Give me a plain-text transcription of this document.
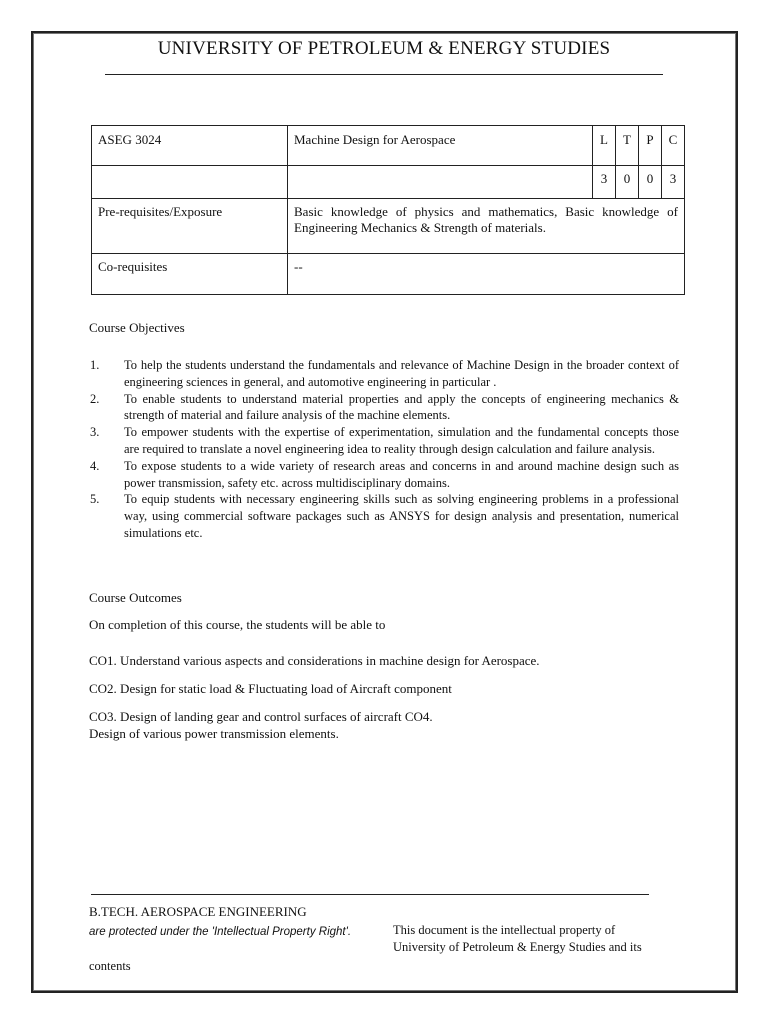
UNIVERSITY OF PETROLEUM & ENERGY STUDIES
ASEG 3024	Machine Design for Aerospace	L	T	P	C
		3	0	0	3
Pre-requisites/Exposure	Basic knowledge of physics and mathematics, Basic knowledge of Engineering Mechanics & Strength of materials.				
Co-requisites	--				
Course Objectives
1. To help the students understand the fundamentals and relevance of Machine Design in the broader context of engineering sciences in general, and automotive engineering in particular .
2. To enable students to understand material properties and apply the concepts of engineering mechanics & strength of material and failure analysis of the machine elements.
3. To empower students with the expertise of experimentation, simulation and the fundamental concepts those are required to translate a novel engineering idea to reality through design calculation and failure analysis.
4. To expose students to a wide variety of research areas and concerns in and around machine design such as power transmission, safety etc. across multidisciplinary domains.
5. To equip students with necessary engineering skills such as solving engineering problems in a professional way, using commercial software packages such as ANSYS for design analysis and presentation, numerical simulations etc.
Course Outcomes
On completion of this course, the students will be able to
CO1. Understand various aspects and considerations in machine design for Aerospace.
CO2. Design for static load & Fluctuating load of Aircraft component
CO3. Design of landing gear and control surfaces of aircraft CO4.
Design of various power transmission elements.
B.TECH. AEROSPACE ENGINEERING
are protected under the 'Intellectual Property Right'.	This document is the intellectual property of
University of Petroleum & Energy Studies and its
contents
